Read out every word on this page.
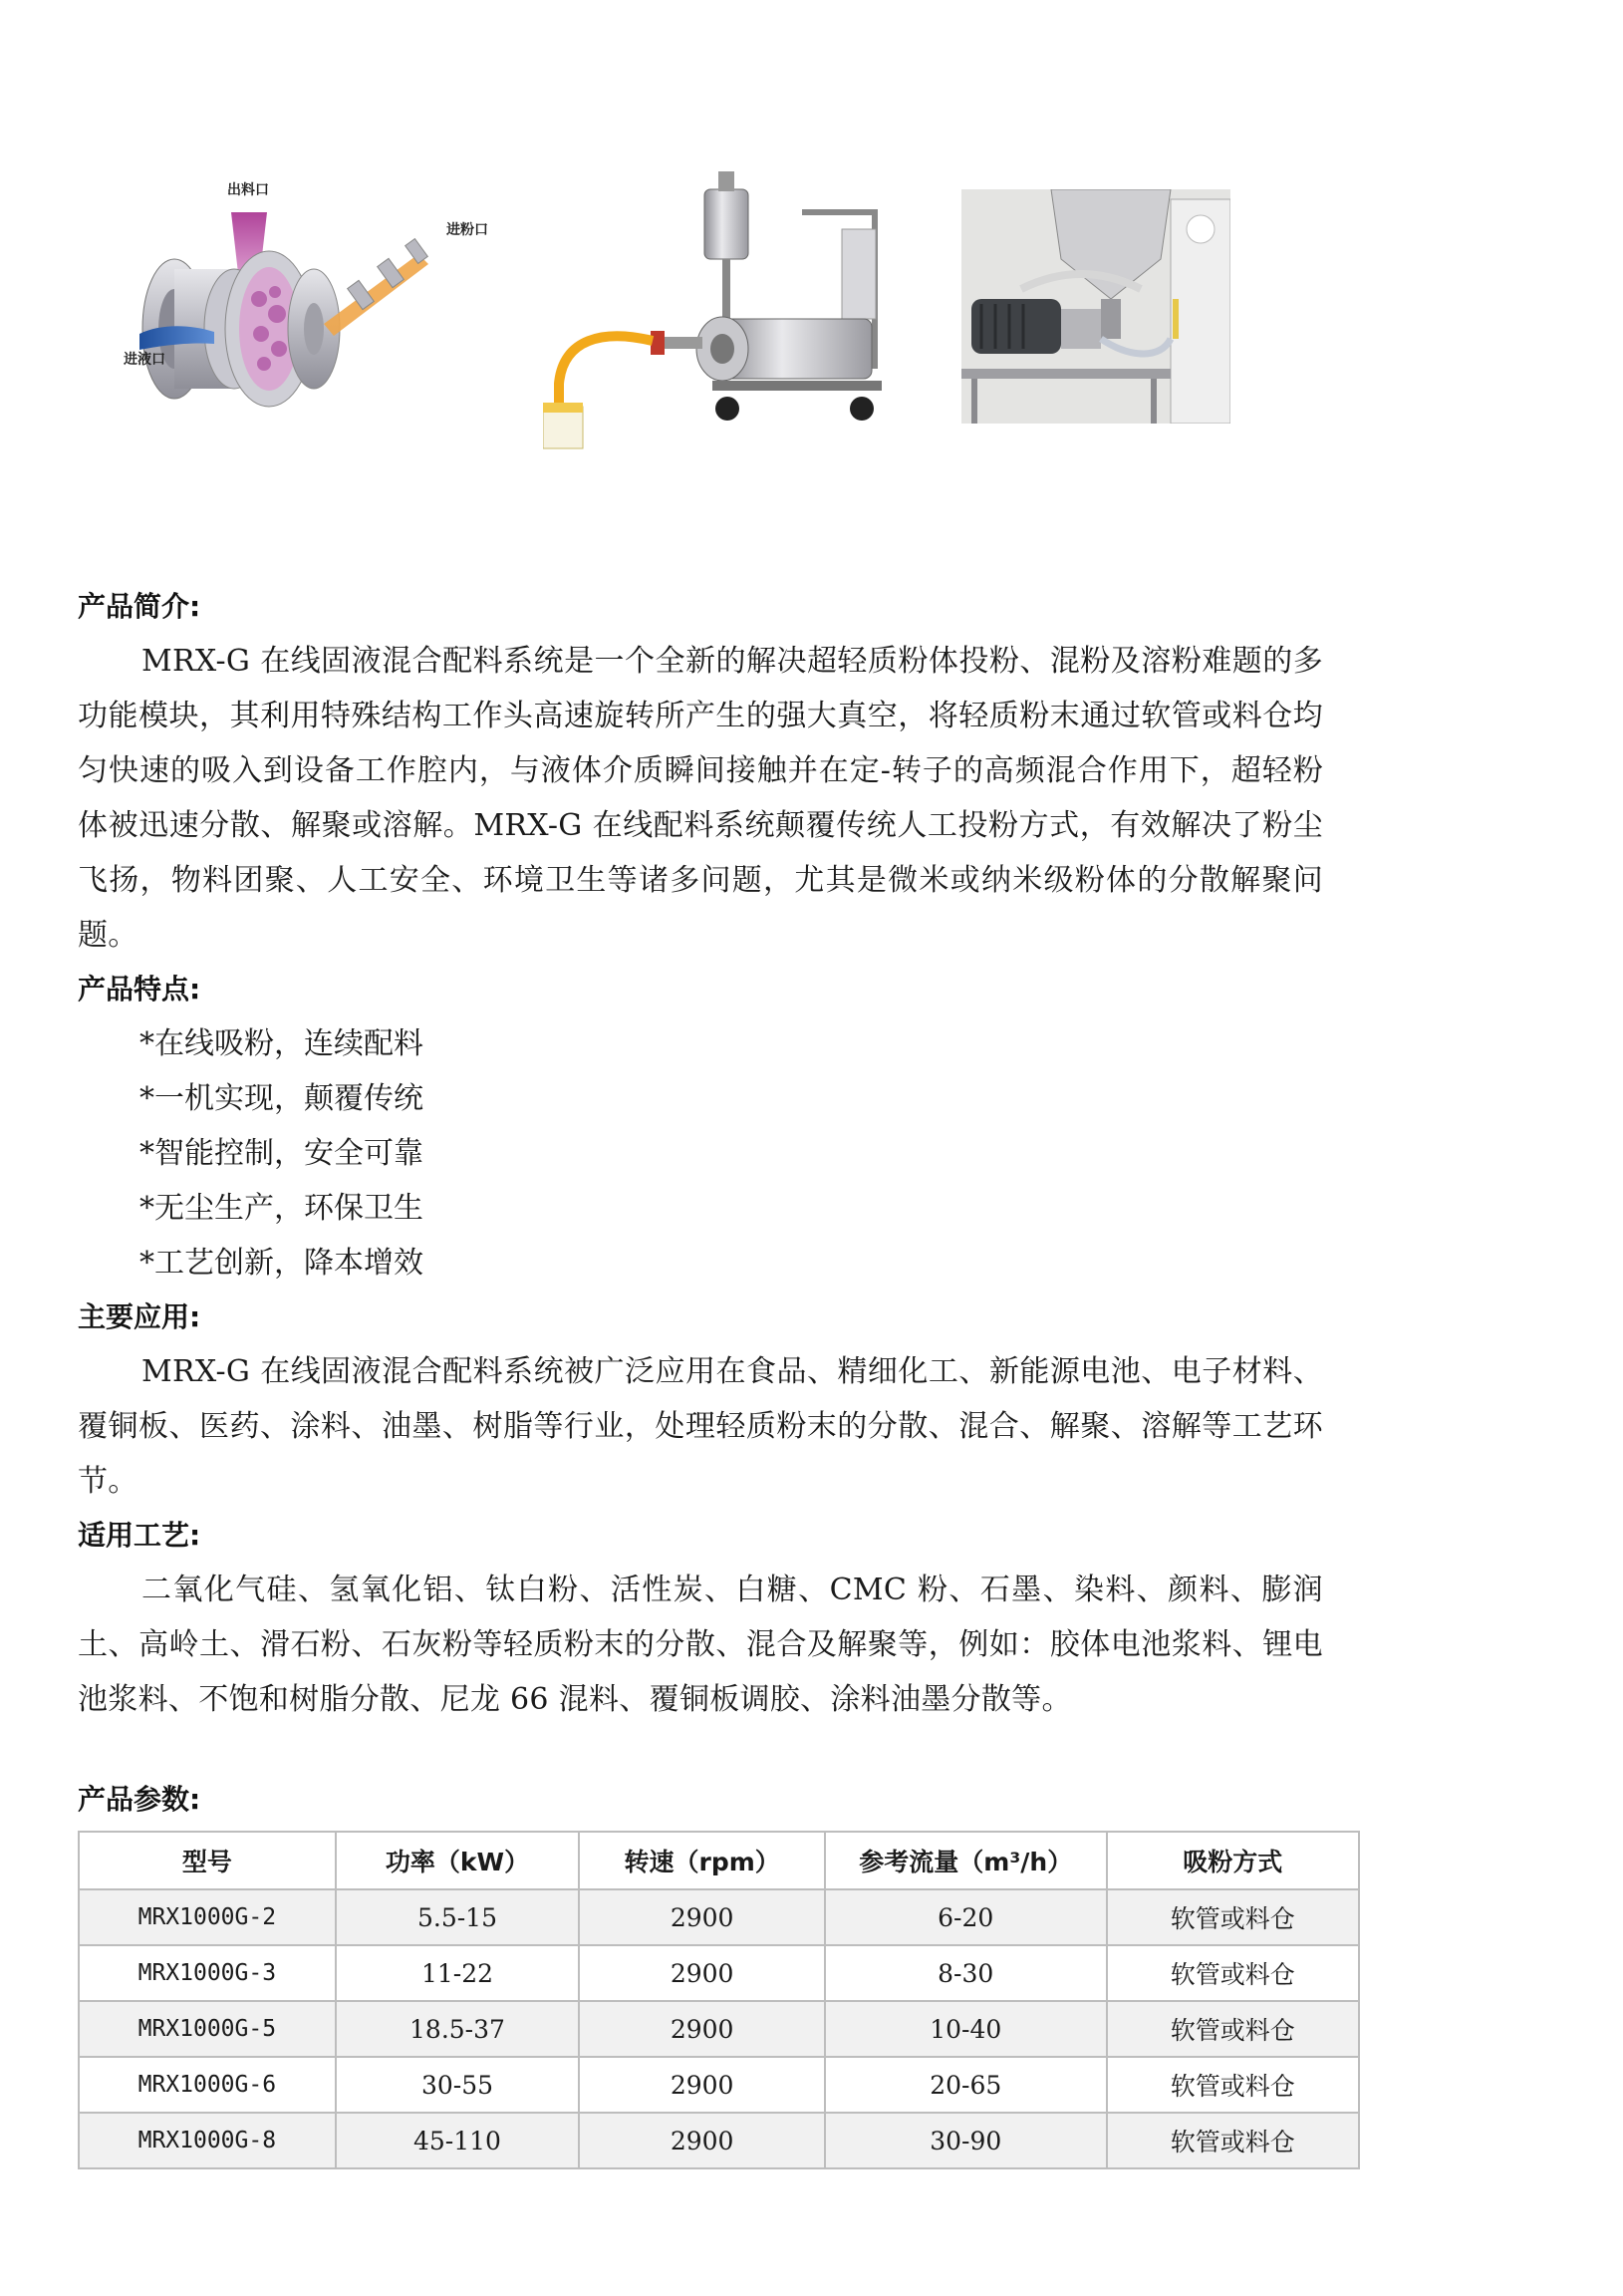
出料口
进粉口
进液口
产品简介:

MRX-G 在线固液混合配料系统是一个全新的解决超轻质粉体投粉、混粉及溶粉难题的多功能模块，其利用特殊结构工作头高速旋转所产生的强大真空，将轻质粉末通过软管或料仓均匀快速的吸入到设备工作腔内，与液体介质瞬间接触并在定-转子的高频混合作用下，超轻粉体被迅速分散、解聚或溶解。MRX-G 在线配料系统颠覆传统人工投粉方式，有效解决了粉尘飞扬，物料团聚、人工安全、环境卫生等诸多问题，尤其是微米或纳米级粉体的分散解聚问题。

产品特点:

*在线吸粉，连续配料

*一机实现，颠覆传统

*智能控制，安全可靠

*无尘生产，环保卫生

*工艺创新，降本增效

主要应用:

MRX-G 在线固液混合配料系统被广泛应用在食品、精细化工、新能源电池、电子材料、覆铜板、医药、涂料、油墨、树脂等行业，处理轻质粉末的分散、混合、解聚、溶解等工艺环节。

适用工艺:

二氧化气硅、氢氧化铝、钛白粉、活性炭、白糖、CMC 粉、石墨、染料、颜料、膨润土、高岭土、滑石粉、石灰粉等轻质粉末的分散、混合及解聚等，例如：胶体电池浆料、锂电池浆料、不饱和树脂分散、尼龙 66 混料、覆铜板调胶、涂料油墨分散等。

产品参数:
型号	功率（kW）	转速（rpm）	参考流量（m³/h）	吸粉方式
MRX1000G-2	5.5-15	2900	6-20	软管或料仓
MRX1000G-3	11-22	2900	8-30	软管或料仓
MRX1000G-5	18.5-37	2900	10-40	软管或料仓
MRX1000G-6	30-55	2900	20-65	软管或料仓
MRX1000G-8	45-110	2900	30-90	软管或料仓
